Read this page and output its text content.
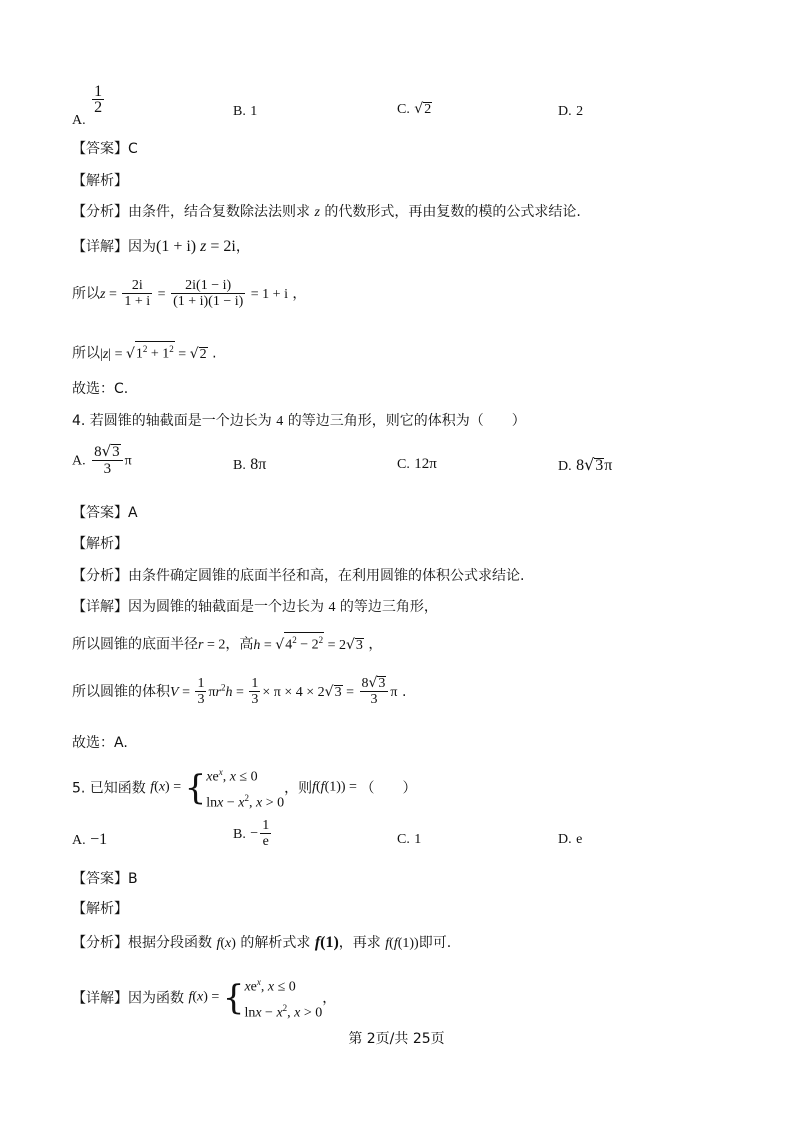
A.
$\frac{1}{2}$	B. 1	C. √2	D. 2
【答案】C
【解析】
【分析】由条件，结合复数除法法则求 z 的代数形式，再由复数的模的公式求结论.
【详解】因为(1 + i) z = 2i，
所以$z = \frac{2i}{1 + i} = \frac{2i(1 - i)}{(1 + i)(1 - i)} = 1 + i$ ，
所以$|z| = √1^2 + 1^2 = √2$ .
故选：C.
4. 若圆锥的轴截面是一个边长为 4 的等边三角形，则它的体积为（　　）
A. $\frac{8√3}{3}$ π	B. 8π	C. 12π	D. 8√3π
【答案】A
【解析】
【分析】由条件确定圆锥的底面半径和高，在利用圆锥的体积公式求结论.
【详解】因为圆锥的轴截面是一个边长为 4 的等边三角形，
所以圆锥的底面半径r = 2，高$h = √4^2 - 2^2 = 2√3$ ，
所以圆锥的体积$V = \frac{1}{3} \pi r^2h = \frac{1}{3} \times \pi \times 4 \times 2√3 = \frac{8√3}{3}$ π .
故选：A.
5. 已知函数 f(x) = { $xe^x$, x ≤ 0
$\ln x - x^2$, x > 0
，则f(f(1)) = （　　）
A. −1	B. − $\frac{1}{e}$	C. 1	D. e
【答案】B
【解析】
【分析】根据分段函数 f(x) 的解析式求 f(1)，再求 f(f(1))即可.
【详解】因为函数 f(x) = { $xe^x$, x ≤ 0
$\ln x - x^2$, x > 0
，
第 2页/共 25页
